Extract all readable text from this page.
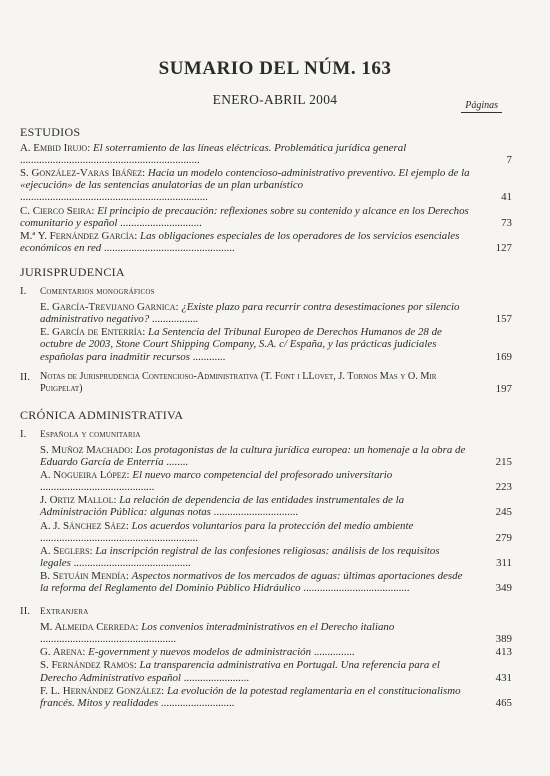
SUMARIO DEL NÚM. 163
ENERO-ABRIL 2004	Páginas
ESTUDIOS
A. Embid Irujo: El soterramiento de las líneas eléctricas. Problemática jurídica general ..................................................................	7
S. González-Varas Ibáñez: Hacia un modelo contencioso-administrativo preventivo. El ejemplo de la «ejecución» de las sentencias anulatorias de un plan urbanístico .....................................................................	41
C. Cierco Seira: El principio de precaución: reflexiones sobre su contenido y alcance en los Derechos comunitario y español ..............................	73
M.ª Y. Fernández García: Las obligaciones especiales de los operadores de los servicios esenciales económicos en red ................................................	127
JURISPRUDENCIA
I.	Comentarios monográficos
E. García-Trevijano Garnica: ¿Existe plazo para recurrir contra desestimaciones por silencio administrativo negativo? .................	157
E. García de Enterría: La Sentencia del Tribunal Europeo de Derechos Humanos de 28 de octubre de 2003, Stone Court Shipping Company, S.A. c/ España, y las prácticas judiciales españolas para inadmitir recursos ............	169
II. Notas de Jurisprudencia Contencioso-Administrativa (T. Font i LLovet, J. Tornos Mas y O. Mir Puigpelat)	197
CRÓNICA ADMINISTRATIVA
I.	Española y comunitaria
S. Muñoz Machado: Los protagonistas de la cultura jurídica europea: un homenaje a la obra de Eduardo García de Enterría ........	215
A. Nogueira López: El nuevo marco competencial del profesorado universitario ..........................................	223
J. Ortiz Mallol: La relación de dependencia de las entidades instrumentales de la Administración Pública: algunas notas ...............................	245
A. J. Sánchez Sáez: Los acuerdos voluntarios para la protección del medio ambiente ..........................................................	279
A. Seglers: La inscripción registral de las confesiones religiosas: análisis de los requisitos legales ...........................................	311
B. Setuáin Mendía: Aspectos normativos de los mercados de aguas: últimas aportaciones desde la reforma del Reglamento del Dominio Público Hidráulico .......................................	349
II.	Extranjera
M. Almeida Cerreda: Los convenios interadministrativos en el Derecho italiano ..................................................	389
G. Arena: E-government y nuevos modelos de administración ...............	413
S. Fernández Ramos: La transparencia administrativa en Portugal. Una referencia para el Derecho Administrativo español ........................	431
F. L. Hernández González: La evolución de la potestad reglamentaria en el constitucionalismo francés. Mitos y realidades ...........................	465
